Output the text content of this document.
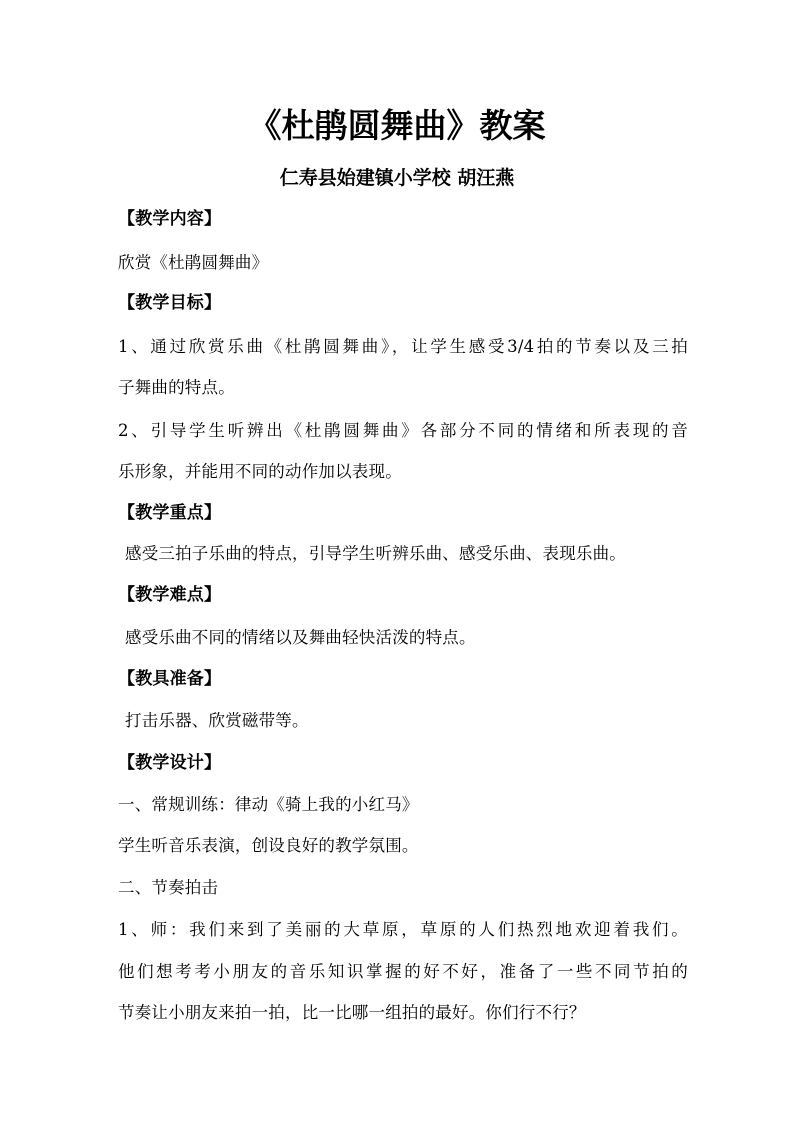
《杜鹃圆舞曲》教案
仁寿县始建镇小学校 胡汪燕
【教学内容】
欣赏《杜鹃圆舞曲》
【教学目标】
1、通过欣赏乐曲《杜鹃圆舞曲》，让学生感受3/4拍的节奏以及三拍
子舞曲的特点。
2、引导学生听辨出《杜鹃圆舞曲》各部分不同的情绪和所表现的音
乐形象，并能用不同的动作加以表现。
【教学重点】
感受三拍子乐曲的特点，引导学生听辨乐曲、感受乐曲、表现乐曲。
【教学难点】
感受乐曲不同的情绪以及舞曲轻快活泼的特点。
【教具准备】
打击乐器、欣赏磁带等。
【教学设计】
一、常规训练：律动《骑上我的小红马》
学生听音乐表演，创设良好的教学氛围。
二、节奏拍击
1、师：我们来到了美丽的大草原，草原的人们热烈地欢迎着我们。
他们想考考小朋友的音乐知识掌握的好不好，准备了一些不同节拍的
节奏让小朋友来拍一拍，比一比哪一组拍的最好。你们行不行？
